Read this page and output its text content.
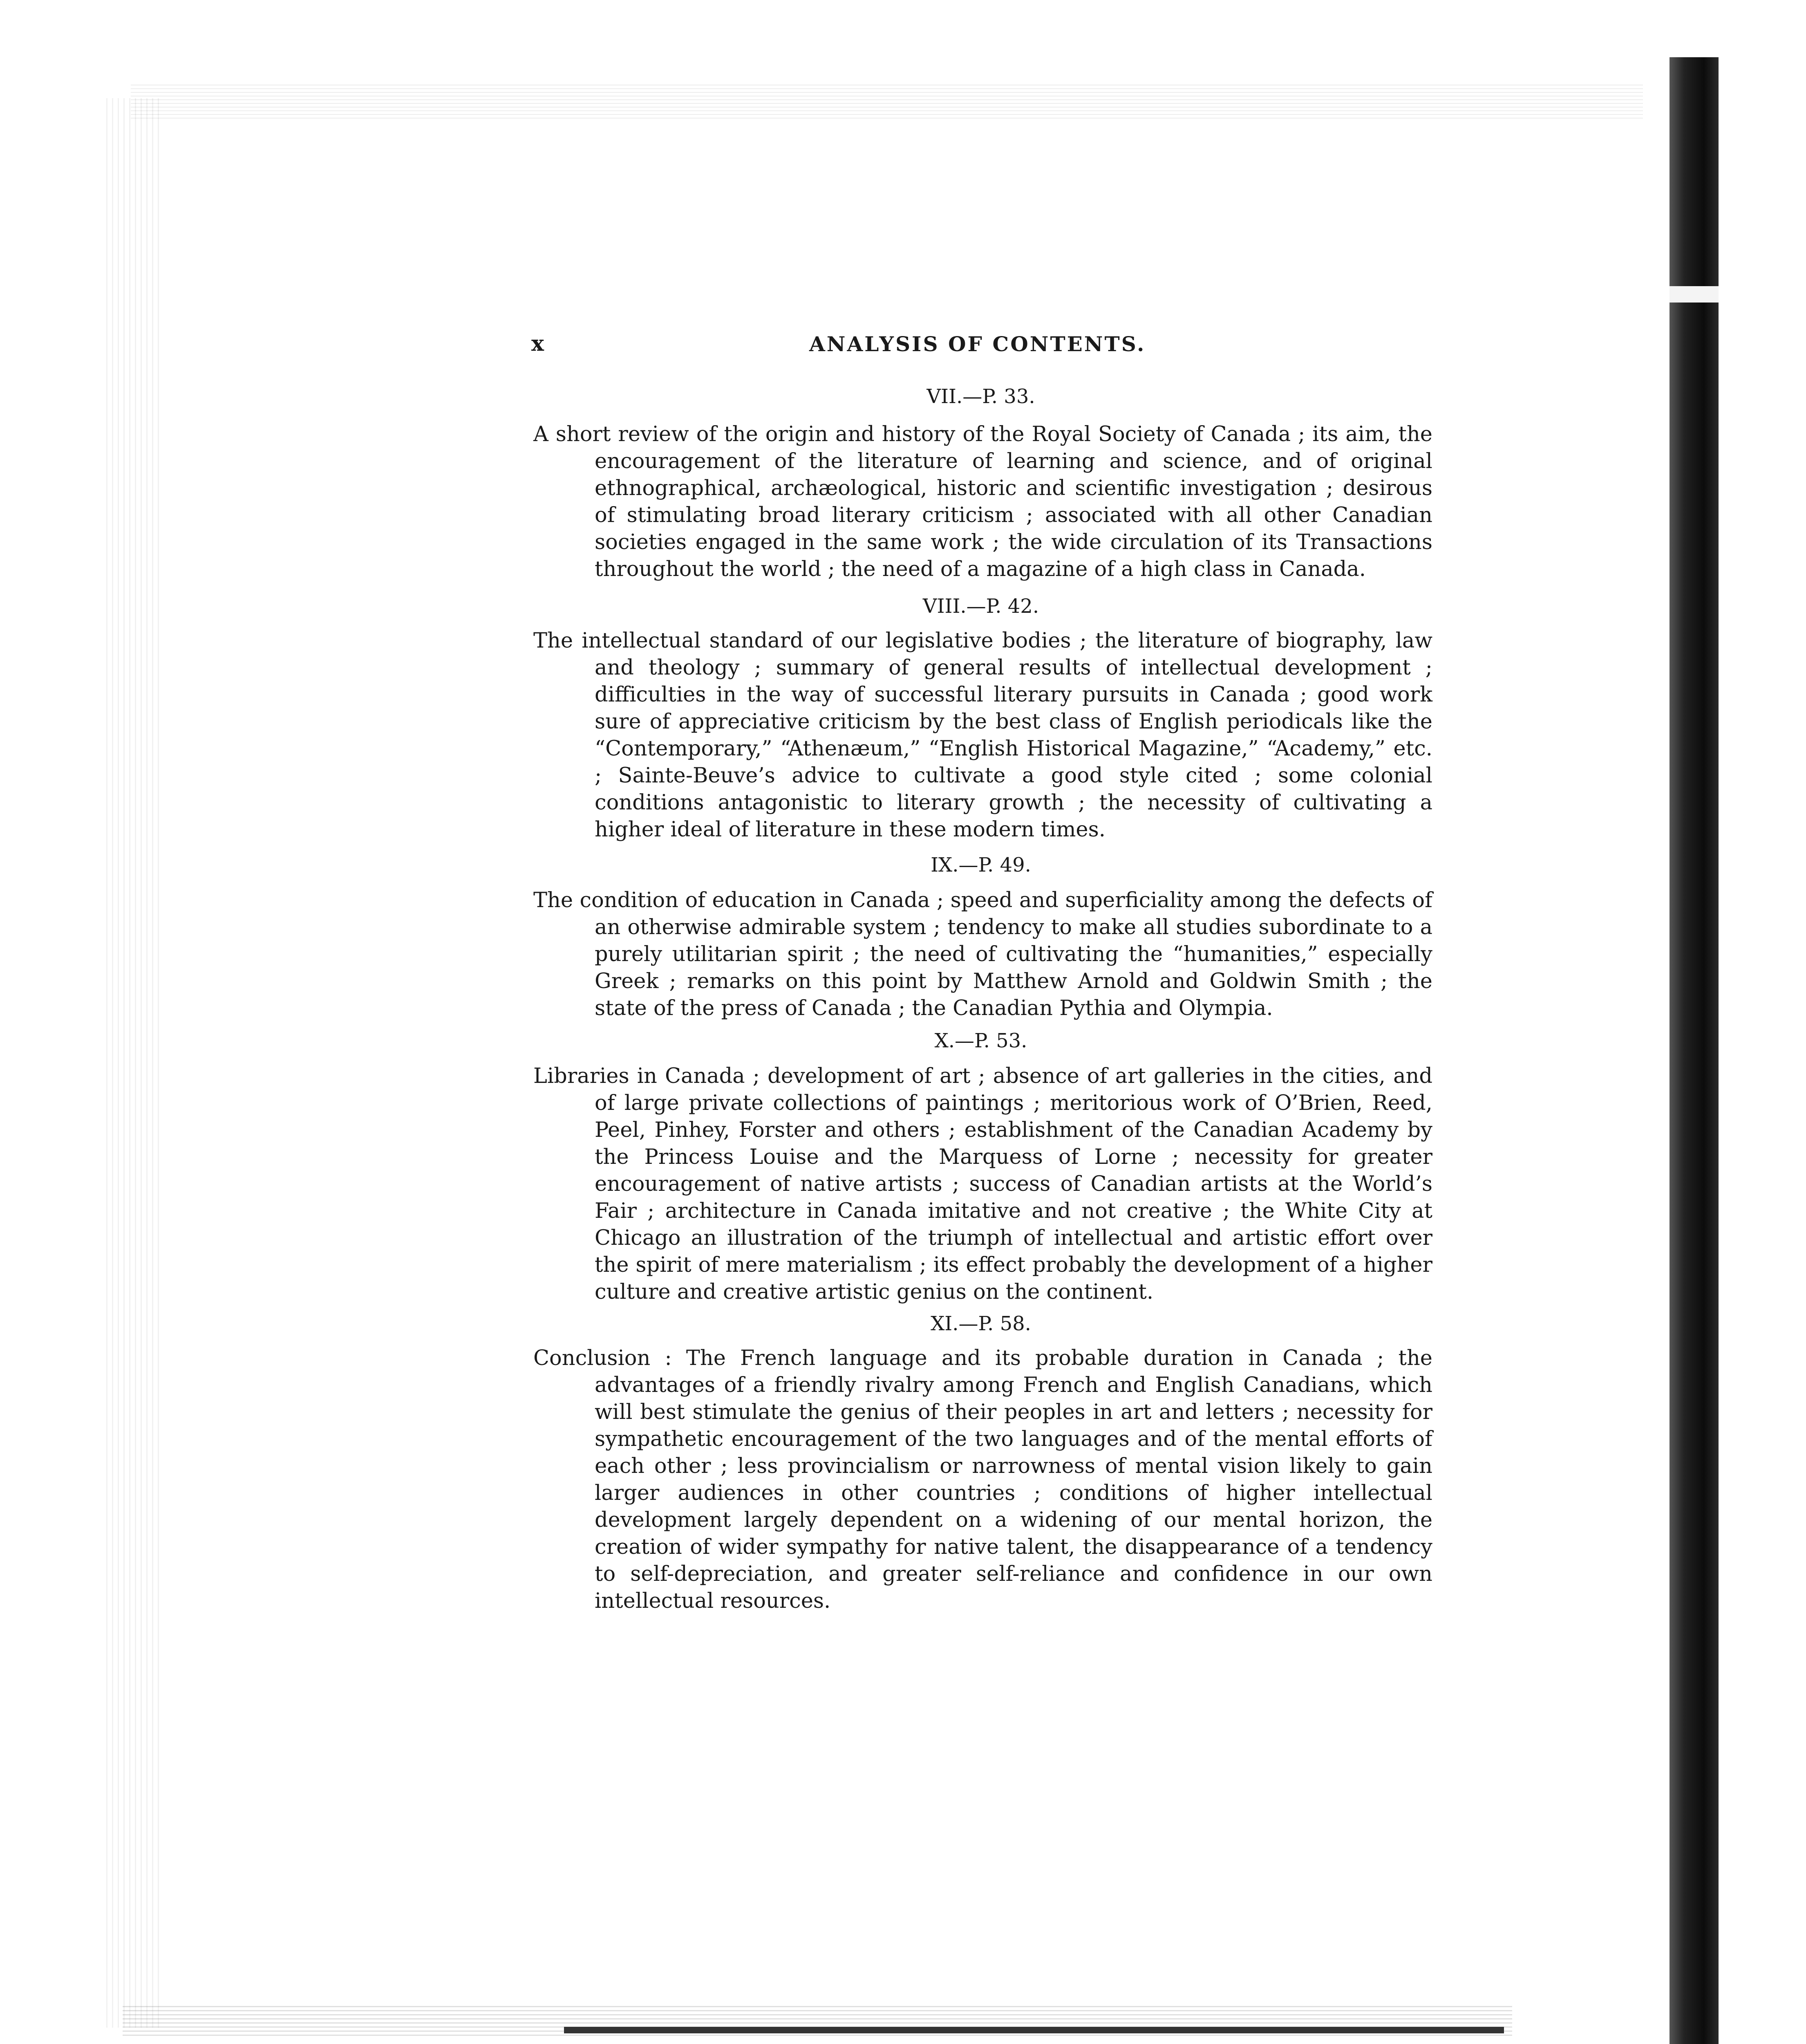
x	ANALYSIS OF CONTENTS.
VII.—P. 33.
A short review of the origin and history of the Royal Society of Canada ; its aim, the encouragement of the literature of learning and science, and of original ethnographical, archæological, historic and scientific investigation ; desirous of stimulating broad literary criticism ; associated with all other Canadian societies engaged in the same work ; the wide circulation of its Transactions throughout the world ; the need of a magazine of a high class in Canada.
VIII.—P. 42.
The intellectual standard of our legislative bodies ; the literature of biography, law and theology ; summary of general results of intellectual development ; difficulties in the way of successful literary pursuits in Canada ; good work sure of appreciative criticism by the best class of English periodicals like the “Contemporary,” “Athenæum,” “English Historical Magazine,” “Academy,” etc. ; Sainte-Beuve’s advice to cultivate a good style cited ; some colonial conditions antagonistic to literary growth ; the necessity of cultivating a higher ideal of literature in these modern times.
IX.—P. 49.
The condition of education in Canada ; speed and superficiality among the defects of an otherwise admirable system ; tendency to make all studies subordinate to a purely utilitarian spirit ; the need of cultivating the “humanities,” especially Greek ; remarks on this point by Matthew Arnold and Goldwin Smith ; the state of the press of Canada ; the Canadian Pythia and Olympia.
X.—P. 53.
Libraries in Canada ; development of art ; absence of art galleries in the cities, and of large private collections of paintings ; meritorious work of O’Brien, Reed, Peel, Pinhey, Forster and others ; establishment of the Canadian Academy by the Princess Louise and the Marquess of Lorne ; necessity for greater encouragement of native artists ; success of Canadian artists at the World’s Fair ; architecture in Canada imitative and not creative ; the White City at Chicago an illustration of the triumph of intellectual and artistic effort over the spirit of mere materialism ; its effect probably the development of a higher culture and creative artistic genius on the continent.
XI.—P. 58.
Conclusion : The French language and its probable duration in Canada ; the advantages of a friendly rivalry among French and English Canadians, which will best stimulate the genius of their peoples in art and letters ; necessity for sympathetic encouragement of the two languages and of the mental efforts of each other ; less provincialism or narrowness of mental vision likely to gain larger audiences in other countries ; conditions of higher intellectual development largely dependent on a widening of our mental horizon, the creation of wider sympathy for native talent, the disappearance of a tendency to self-depreciation, and greater self-reliance and confidence in our own intellectual resources.
